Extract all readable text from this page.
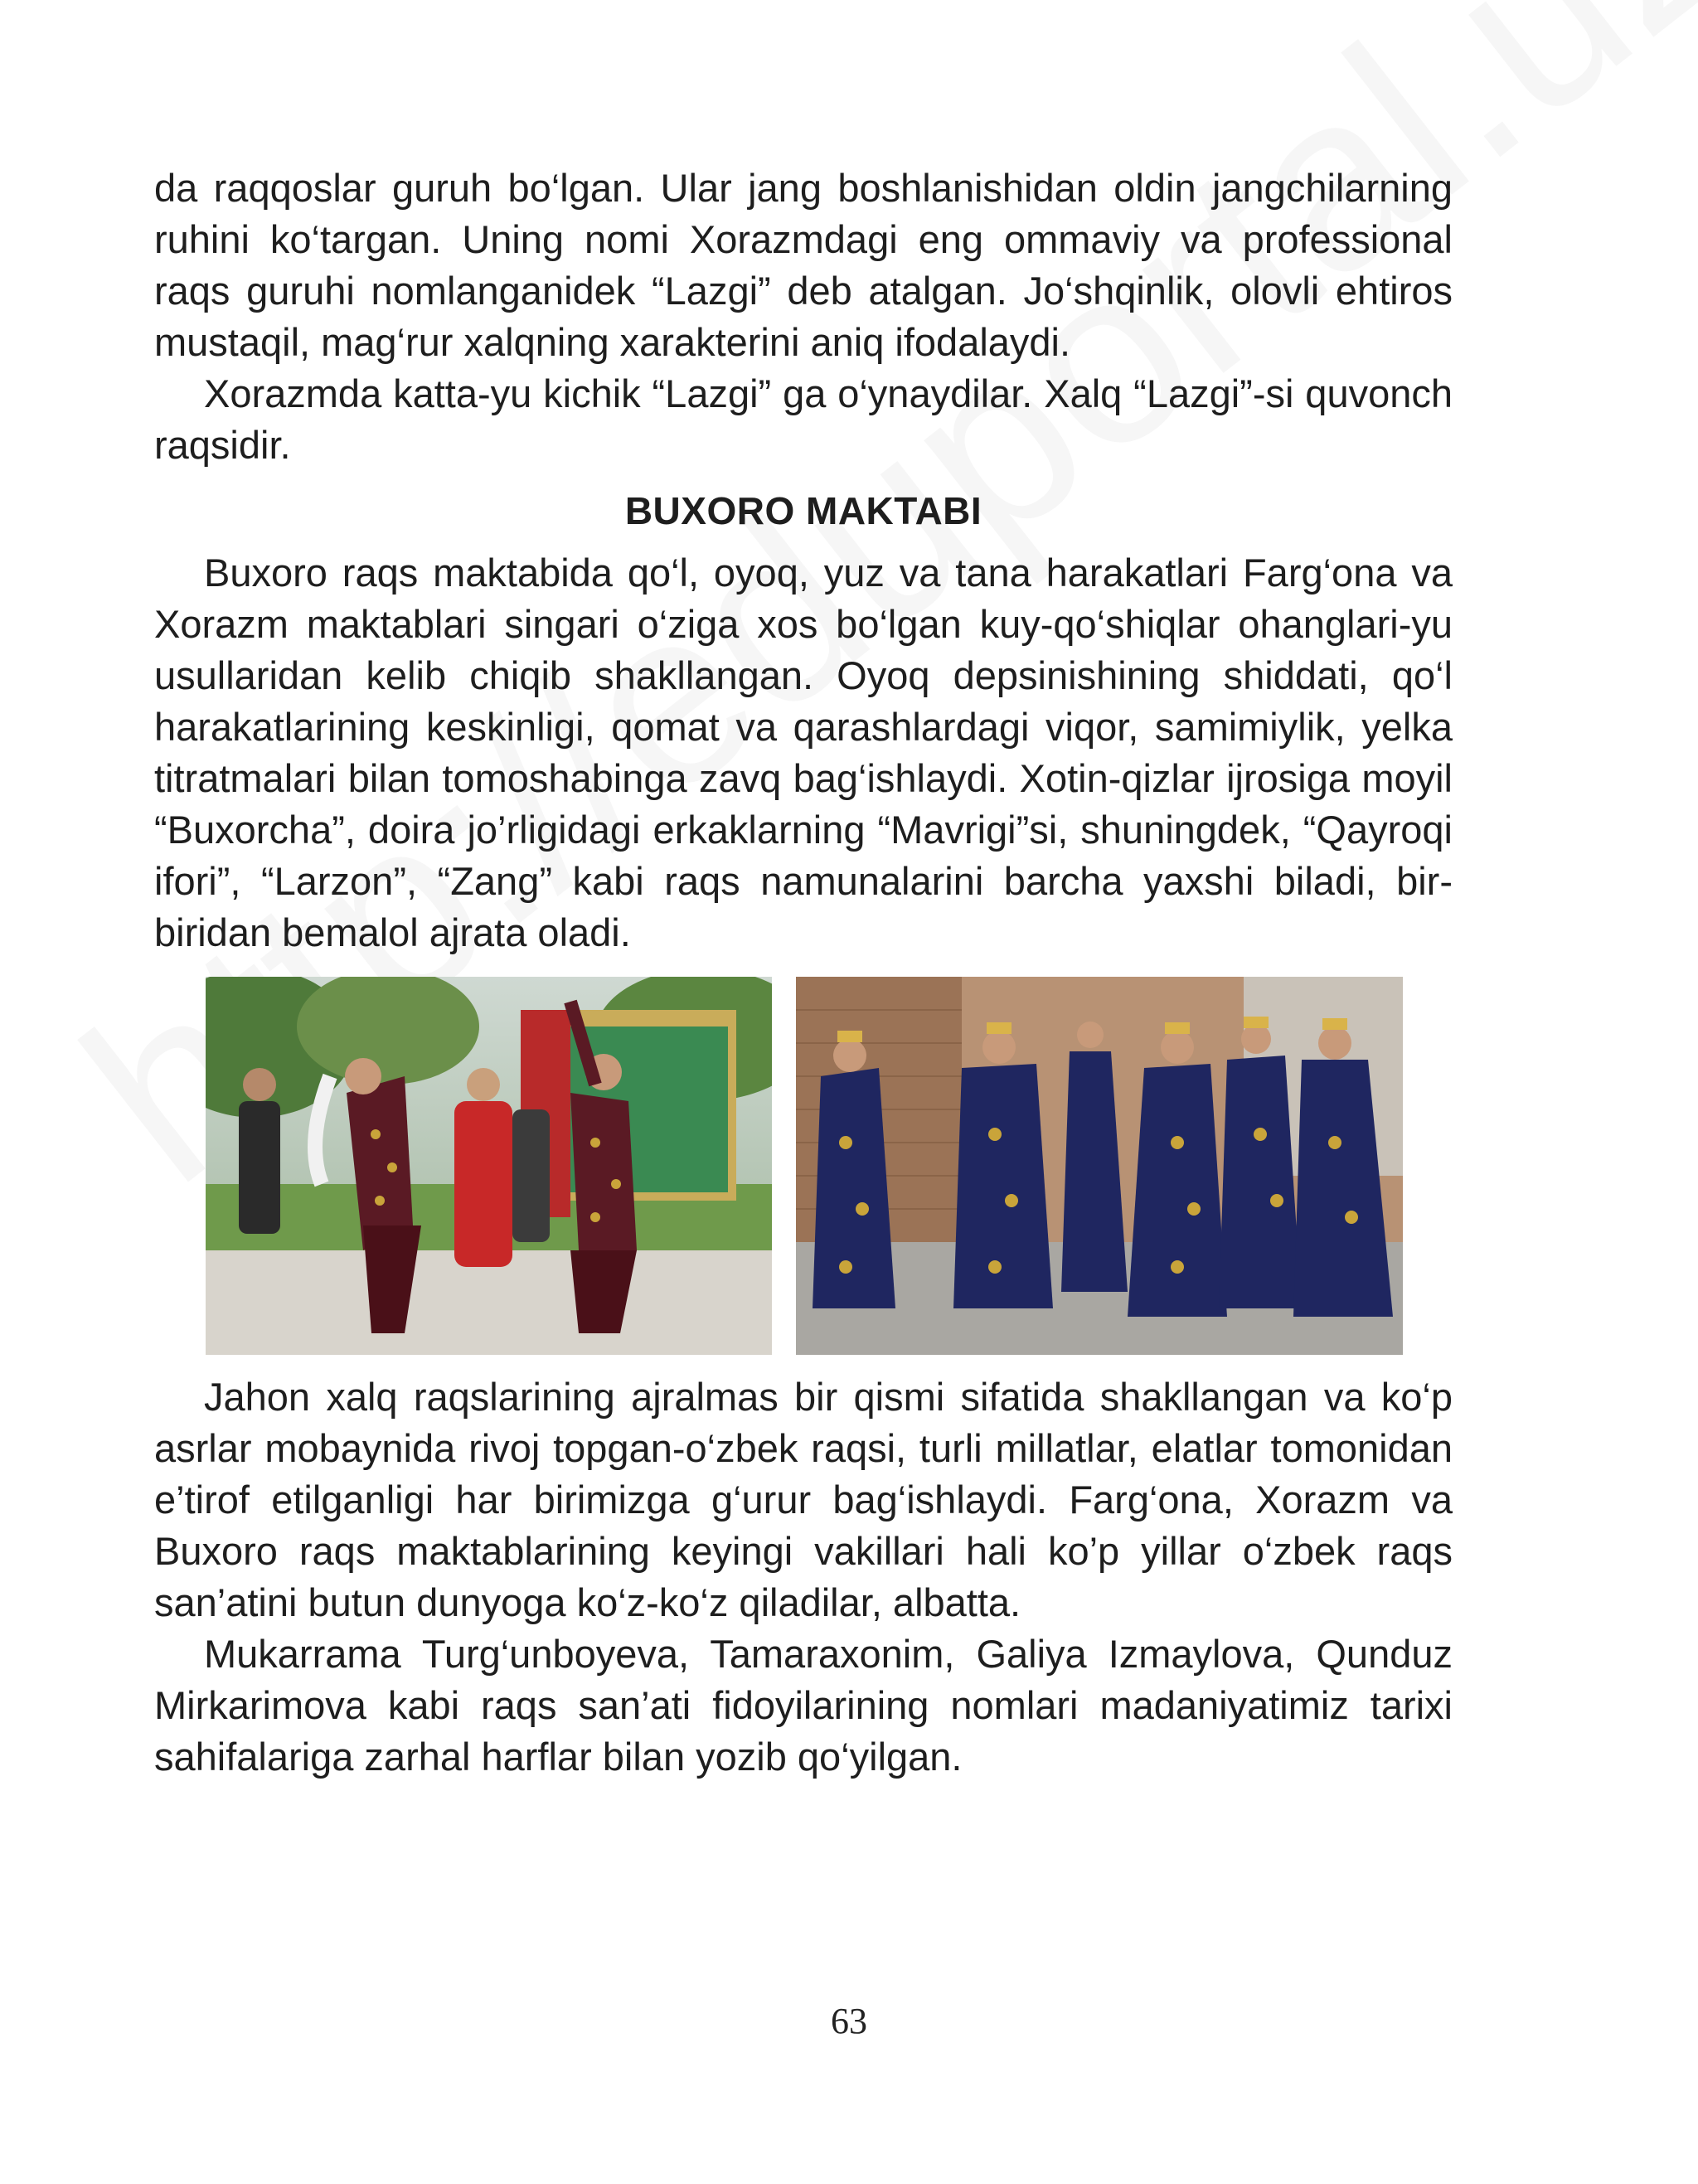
da raqqoslar guruh bo‘lgan. Ular jang boshlanishidan oldin jangchilarning ruhini ko‘targan. Uning nomi Xorazmdagi eng ommaviy va professional raqs guruhi nomlanganidek “Lazgi” deb atalgan. Jo‘shqinlik, olovli ehtiros mustaqil, mag‘rur xalqning xarakterini aniq ifodalaydi.

Xorazmda katta-yu kichik “Lazgi” ga o‘ynaydilar. Xalq “Lazgi”-si quvonch raqsidir.

BUXORO MAKTABI

Buxoro raqs maktabida qo‘l, oyoq, yuz va tana harakatlari Farg‘ona va Xorazm maktablari singari o‘ziga xos bo‘lgan kuy-qo‘shiqlar ohanglari-yu usullaridan kelib chiqib shakllangan. Oyoq depsinishining shiddati, qo‘l harakatlarining keskinligi, qomat va qarashlardagi viqor, samimiylik, yelka titratmalari bilan tomoshabinga zavq bag‘ishlaydi. Xotin-qizlar ijrosiga moyil “Buxorcha”, doira jo’rligidagi erkaklarning “Mavrigi”si, shuningdek, “Qayroqi ifori”, “Larzon”, “Zang” kabi raqs namunalarini barcha yaxshi biladi, bir-biridan bemalol ajrata oladi.

Jahon xalq raqslarining ajralmas bir qismi sifatida shakllangan va ko‘p asrlar mobaynida rivoj topgan-o‘zbek raqsi, turli millatlar, elatlar tomonidan e’tirof etilganligi har birimizga g‘urur bag‘ishlaydi. Farg‘ona, Xorazm va Buxoro raqs maktablarining keyingi vakillari hali ko’p yillar o‘zbek raqs san’atini butun dunyoga ko‘z-ko‘z qiladilar, albatta.

Mukarrama Turg‘unboyeva, Tamaraxonim, Galiya Izmaylova, Qunduz Mirkarimova kabi raqs san’ati fidoyilarining nomlari madaniyatimiz tarixi sahifalariga zarhal harflar bilan yozib qo‘yilgan.

63
